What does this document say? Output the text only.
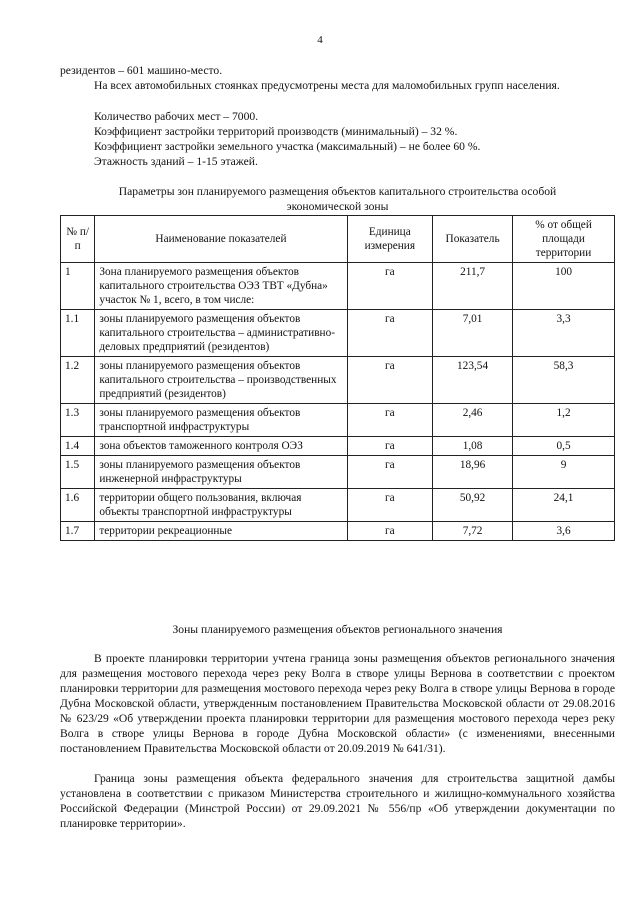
4

резидентов – 601 машино-место.

На всех автомобильных стоянках предусмотрены места для маломобильных групп населения.

Количество рабочих мест – 7000.

Коэффициент застройки территорий производств (минимальный) – 32 %.

Коэффициент застройки земельного участка (максимальный) – не более 60 %.

Этажность зданий – 1-15 этажей.

Параметры зон планируемого размещения объектов капитального строительства особой экономической зоны
№ п/п	Наименование показателей	Единица измерения	Показатель	% от общей площади территории
1	Зона планируемого размещения объектов капитального строительства ОЭЗ ТВТ «Дубна» участок № 1, всего, в том числе:	га	211,7	100
1.1	зоны планируемого размещения объектов капитального строительства – административно-деловых предприятий (резидентов)	га	7,01	3,3
1.2	зоны планируемого размещения объектов капитального строительства – производственных предприятий (резидентов)	га	123,54	58,3
1.3	зоны планируемого размещения объектов транспортной инфраструктуры	га	2,46	1,2
1.4	зона объектов таможенного контроля ОЭЗ	га	1,08	0,5
1.5	зоны планируемого размещения объектов инженерной инфраструктуры	га	18,96	9
1.6	территории общего пользования, включая объекты транспортной инфраструктуры	га	50,92	24,1
1.7	территории рекреационные	га	7,72	3,6
Зоны планируемого размещения объектов регионального значения

В проекте планировки территории учтена граница зоны размещения объектов регионального значения для размещения мостового перехода через реку Волга в створе улицы Вернова в соответствии с проектом планировки территории для размещения мостового перехода через реку Волга в створе улицы Вернова в городе Дубна Московской области, утвержденным постановлением Правительства Московской области от 29.08.2016 № 623/29 «Об утверждении проекта планировки территории для размещения мостового перехода через реку Волга в створе улицы Вернова в городе Дубна Московской области» (с изменениями, внесенными постановлением Правительства Московской области от 20.09.2019 № 641/31).

Граница зоны размещения объекта федерального значения для строительства защитной дамбы установлена в соответствии с приказом Министерства строительного и жилищно-коммунального хозяйства Российской Федерации (Минстрой России) от 29.09.2021 № 556/пр «Об утверждении документации по планировке территории».
